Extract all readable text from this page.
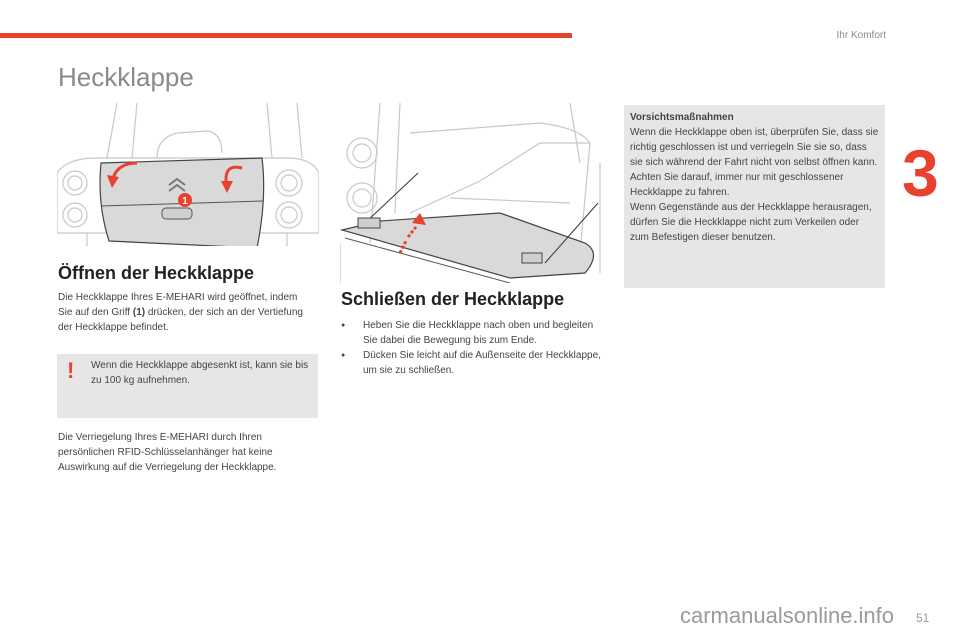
Ihr Komfort
3
Heckklappe
1
Öffnen der Heckklappe
Die Heckklappe Ihres E-MEHARI wird geöffnet, indem Sie auf den Griff (1) drücken, der sich an der Vertiefung der Heckklappe befindet.
! Wenn die Heckklappe abgesenkt ist, kann sie bis zu 100 kg aufnehmen.
Die Verriegelung Ihres E-MEHARI durch Ihren persönlichen RFID-Schlüsselanhänger hat keine Auswirkung auf die Verriegelung der Heckklappe.
Schließen der Heckklappe
● Heben Sie die Heckklappe nach oben und begleiten Sie dabei die Bewegung bis zum Ende.
● Dücken Sie leicht auf die Außenseite der Heckklappe, um sie zu schließen.
Vorsichtsmaßnahmen
Wenn die Heckklappe oben ist, überprüfen Sie, dass sie richtig geschlossen ist und verriegeln Sie sie so, dass sie sich während der Fahrt nicht von selbst öffnen kann.
Achten Sie darauf, immer nur mit geschlossener Heckklappe zu fahren.
Wenn Gegenstände aus der Heckklappe herausragen, dürfen Sie die Heckklappe nicht zum Verkeilen oder zum Befestigen dieser benutzen.
51
carmanualsonline.info
